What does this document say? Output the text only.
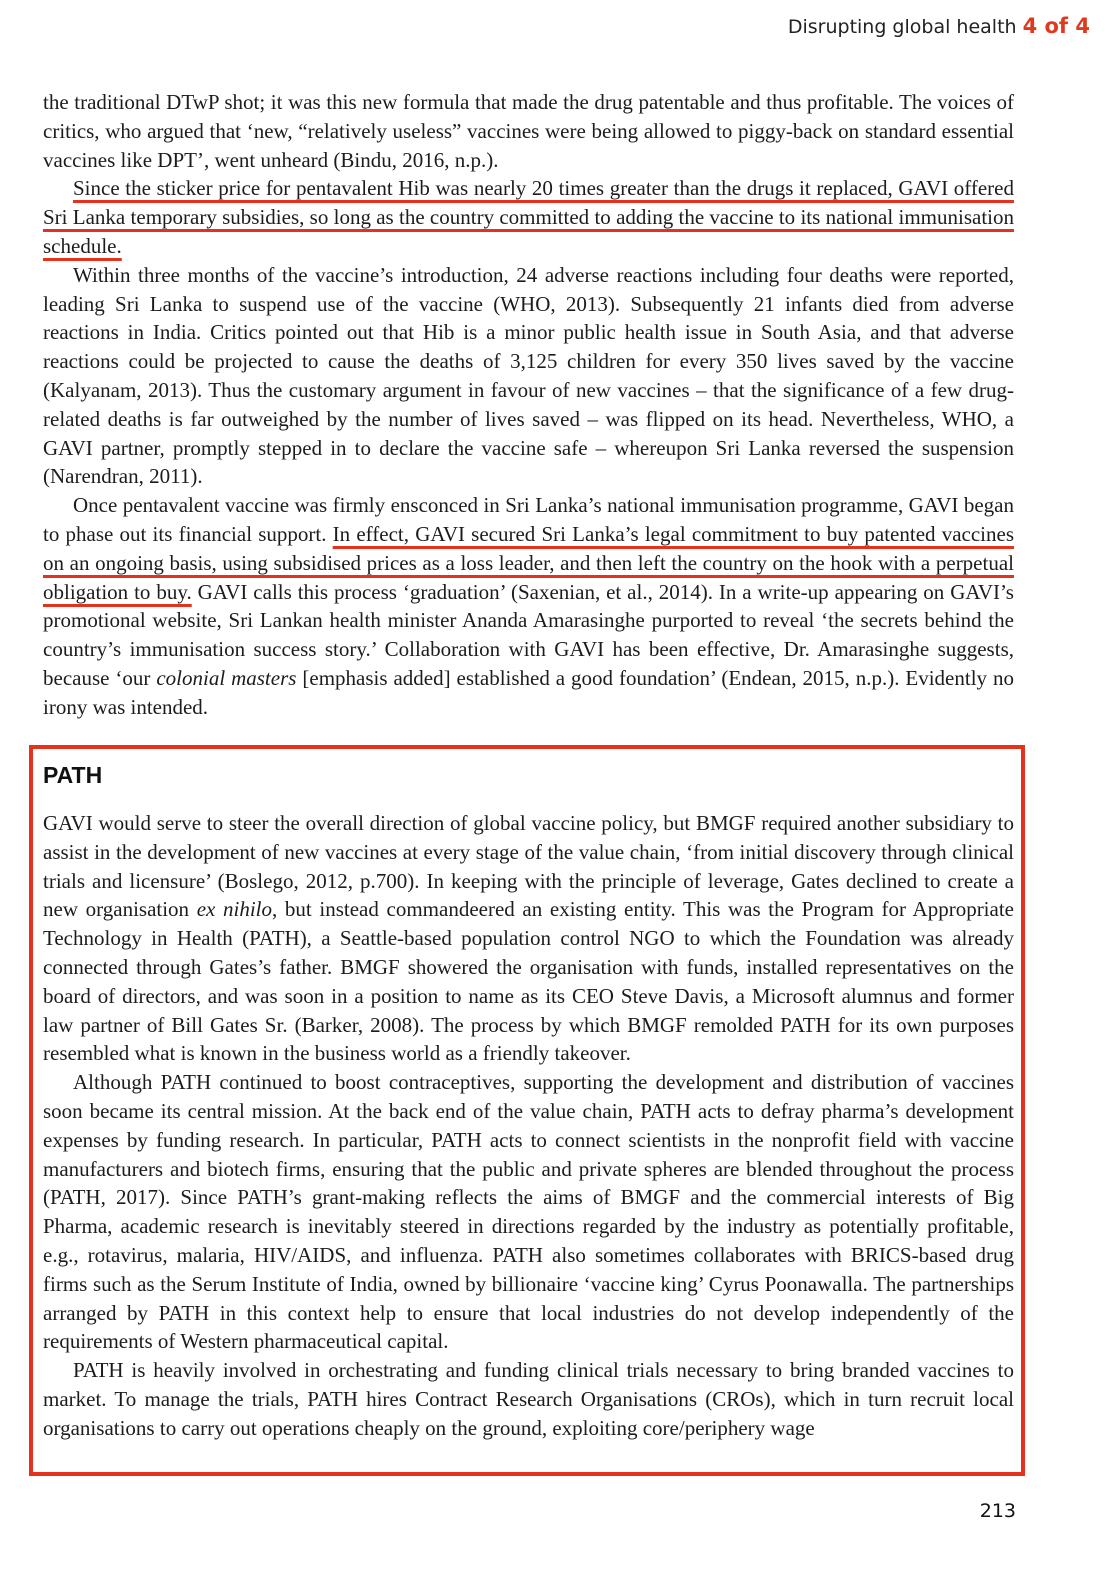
Disrupting global health 4 of 4

the traditional DTwP shot; it was this new formula that made the drug patentable and thus profitable. The voices of critics, who argued that ‘new, “relatively useless” vaccines were being allowed to piggy-back on standard essential vaccines like DPT’, went unheard (Bindu, 2016, n.p.).

Since the sticker price for pentavalent Hib was nearly 20 times greater than the drugs it replaced, GAVI offered Sri Lanka temporary subsidies, so long as the country committed to adding the vaccine to its national immunisation schedule.

Within three months of the vaccine’s introduction, 24 adverse reactions including four deaths were reported, leading Sri Lanka to suspend use of the vaccine (WHO, 2013). Subsequently 21 infants died from adverse reactions in India. Critics pointed out that Hib is a minor public health issue in South Asia, and that adverse reactions could be projected to cause the deaths of 3,125 children for every 350 lives saved by the vaccine (Kalyanam, 2013). Thus the customary argument in favour of new vaccines – that the significance of a few drug-related deaths is far outweighed by the number of lives saved – was flipped on its head. Nevertheless, WHO, a GAVI partner, promptly stepped in to declare the vaccine safe – whereupon Sri Lanka reversed the suspension (Narendran, 2011).

Once pentavalent vaccine was firmly ensconced in Sri Lanka’s national immunisation programme, GAVI began to phase out its financial support. In effect, GAVI secured Sri Lanka’s legal commitment to buy patented vaccines on an ongoing basis, using subsidised prices as a loss leader, and then left the country on the hook with a perpetual obligation to buy. GAVI calls this process ‘graduation’ (Saxenian, et al., 2014). In a write-up appearing on GAVI’s promotional website, Sri Lankan health minister Ananda Amarasinghe purported to reveal ‘the secrets behind the country’s immunisation success story.’ Collaboration with GAVI has been effective, Dr. Amarasinghe suggests, because ‘our colonial masters [emphasis added] established a good foundation’ (Endean, 2015, n.p.). Evidently no irony was intended.

PATH

GAVI would serve to steer the overall direction of global vaccine policy, but BMGF required another subsidiary to assist in the development of new vaccines at every stage of the value chain, ‘from initial discovery through clinical trials and licensure’ (Boslego, 2012, p.700). In keeping with the principle of leverage, Gates declined to create a new organisation ex nihilo, but instead commandeered an existing entity. This was the Program for Appropriate Technology in Health (PATH), a Seattle-based population control NGO to which the Foundation was already connected through Gates’s father. BMGF showered the organisation with funds, installed representatives on the board of directors, and was soon in a position to name as its CEO Steve Davis, a Microsoft alumnus and former law partner of Bill Gates Sr. (Barker, 2008). The process by which BMGF remolded PATH for its own purposes resembled what is known in the business world as a friendly takeover.

Although PATH continued to boost contraceptives, supporting the development and distribution of vaccines soon became its central mission. At the back end of the value chain, PATH acts to defray pharma’s development expenses by funding research. In particular, PATH acts to connect scientists in the nonprofit field with vaccine manufacturers and biotech firms, ensuring that the public and private spheres are blended throughout the process (PATH, 2017). Since PATH’s grant-making reflects the aims of BMGF and the commercial interests of Big Pharma, academic research is inevitably steered in directions regarded by the industry as potentially profitable, e.g., rotavirus, malaria, HIV/AIDS, and influenza. PATH also sometimes collaborates with BRICS-based drug firms such as the Serum Institute of India, owned by billionaire ‘vaccine king’ Cyrus Poonawalla. The partnerships arranged by PATH in this context help to ensure that local industries do not develop independently of the requirements of Western pharmaceutical capital.

PATH is heavily involved in orchestrating and funding clinical trials necessary to bring branded vaccines to market. To manage the trials, PATH hires Contract Research Organisations (CROs), which in turn recruit local organisations to carry out operations cheaply on the ground, exploiting core/periphery wage

213
